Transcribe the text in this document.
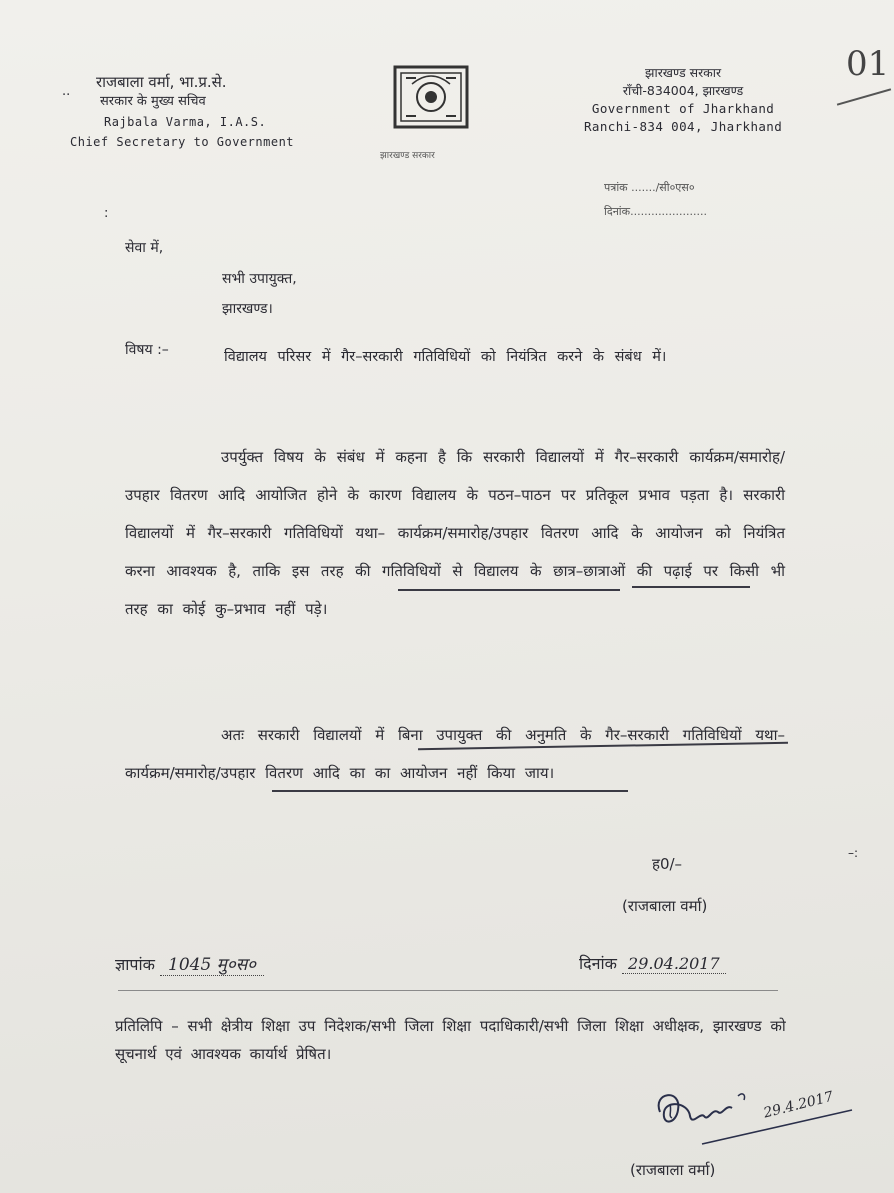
..
राजबाला वर्मा, भा.प्र.से.
सरकार के मुख्य सचिव
Rajbala Varma, I.A.S.
Chief Secretary to Government
झारखण्ड सरकार
झारखण्ड सरकार
राँची-834004, झारखण्ड
Government of Jharkhand
Ranchi-834 004, Jharkhand
पत्रांक ......./सी०एस०
दिनांक......................
01
:
सेवा में,
सभी उपायुक्त,
झारखण्ड।
विषय :–	विद्यालय परिसर में गैर–सरकारी गतिविधियों को नियंत्रित करने के संबंध में।
उपर्युक्त विषय के संबंध में कहना है कि सरकारी विद्यालयों में गैर–सरकारी कार्यक्रम/समारोह/उपहार वितरण आदि आयोजित होने के कारण विद्यालय के पठन–पाठन पर प्रतिकूल प्रभाव पड़ता है। सरकारी विद्यालयों में गैर–सरकारी गतिविधियों यथा– कार्यक्रम/समारोह/उपहार वितरण आदि के आयोजन को नियंत्रित करना आवश्यक है, ताकि इस तरह की गतिविधियों से विद्यालय के छात्र–छात्राओं की पढ़ाई पर किसी भी तरह का कोई कु–प्रभाव नहीं पड़े।
अतः सरकारी विद्यालयों में बिना उपायुक्त की अनुमति के गैर–सरकारी गतिविधियों यथा– कार्यक्रम/समारोह/उपहार वितरण आदि का का आयोजन नहीं किया जाय।
ह0/–
–:
(राजबाला वर्मा)
ज्ञापांक 1045 मु०स०	दिनांक 29.04.2017
प्रतिलिपि – सभी क्षेत्रीय शिक्षा उप निदेशक/सभी जिला शिक्षा पदाधिकारी/सभी जिला शिक्षा अधीक्षक, झारखण्ड को सूचनार्थ एवं आवश्यक कार्यार्थ प्रेषित।
29.4.2017
(राजबाला वर्मा)
